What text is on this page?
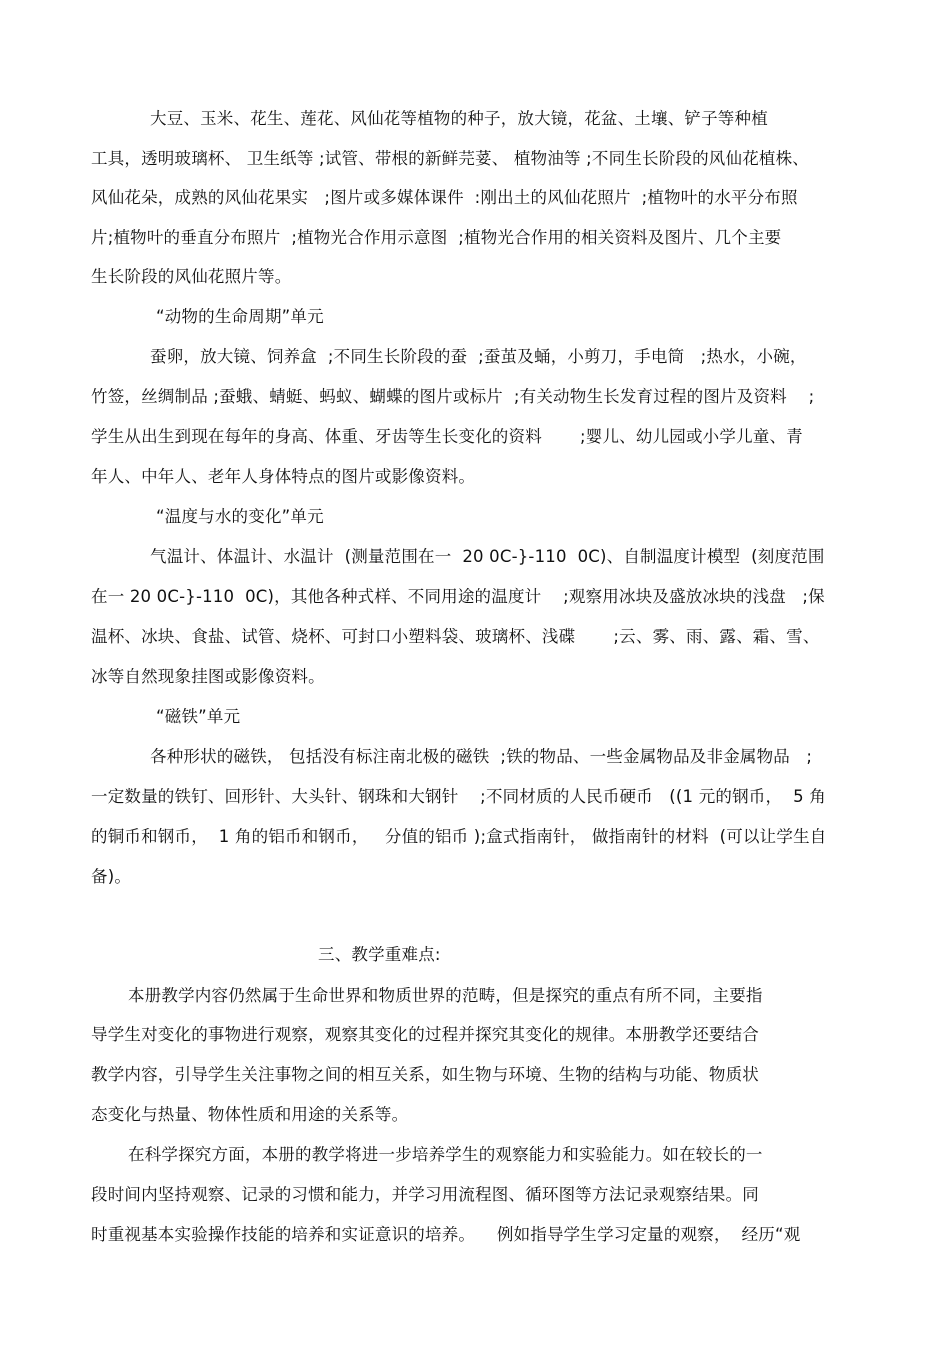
大豆、玉米、花生、莲花、风仙花等植物的种子，放大镜，花盆、土壤、铲子等种植
工具，透明玻璃杯、 卫生纸等 ;试管、带根的新鲜芫荽、 植物油等 ;不同生长阶段的风仙花植株、
风仙花朵，成熟的风仙花果实   ;图片或多媒体课件  :刚出土的风仙花照片  ;植物叶的水平分布照
片;植物叶的垂直分布照片  ;植物光合作用示意图  ;植物光合作用的相关资料及图片、几个主要
生长阶段的风仙花照片等。
“动物的生命周期”单元
蚕卵，放大镜、饲养盒  ;不同生长阶段的蚕  ;蚕茧及蛹，小剪刀，手电筒   ;热水，小碗，
竹签，丝绸制品 ;蚕蛾、蜻蜓、蚂蚁、蝴蝶的图片或标片  ;有关动物生长发育过程的图片及资料    ;
学生从出生到现在每年的身高、体重、牙齿等生长变化的资料       ;婴儿、幼儿园或小学儿童、青
年人、中年人、老年人身体特点的图片或影像资料。
“温度与水的变化”单元
气温计、体温计、水温计  (测量范围在一  20 0C-}-110  0C)、自制温度计模型  (刻度范围
在一 20 0C-}-110  0C)，其他各种式样、不同用途的温度计    ;观察用冰块及盛放冰块的浅盘   ;保
温杯、冰块、食盐、试管、烧杯、可封口小塑料袋、玻璃杯、浅碟       ;云、雾、雨、露、霜、雪、
冰等自然现象挂图或影像资料。
“磁铁”单元
各种形状的磁铁， 包括没有标注南北极的磁铁  ;铁的物品、一些金属物品及非金属物品   ;
一定数量的铁钉、回形针、大头针、钢珠和大钢针    ;不同材质的人民币硬币   ((1 元的钢币，  5 角
的铜币和钢币，  1 角的铝币和钢币，   分值的铝币 );盒式指南针， 做指南针的材料  (可以让学生自
备)。
三、教学重难点:
本册教学内容仍然属于生命世界和物质世界的范畴，但是探究的重点有所不同，主要指
导学生对变化的事物进行观察，观察其变化的过程并探究其变化的规律。本册教学还要结合
教学内容，引导学生关注事物之间的相互关系，如生物与环境、生物的结构与功能、物质状
态变化与热量、物体性质和用途的关系等。
在科学探究方面，本册的教学将进一步培养学生的观察能力和实验能力。如在较长的一
段时间内坚持观察、记录的习惯和能力，并学习用流程图、循环图等方法记录观察结果。同
时重视基本实验操作技能的培养和实证意识的培养。    例如指导学生学习定量的观察，  经历“观
